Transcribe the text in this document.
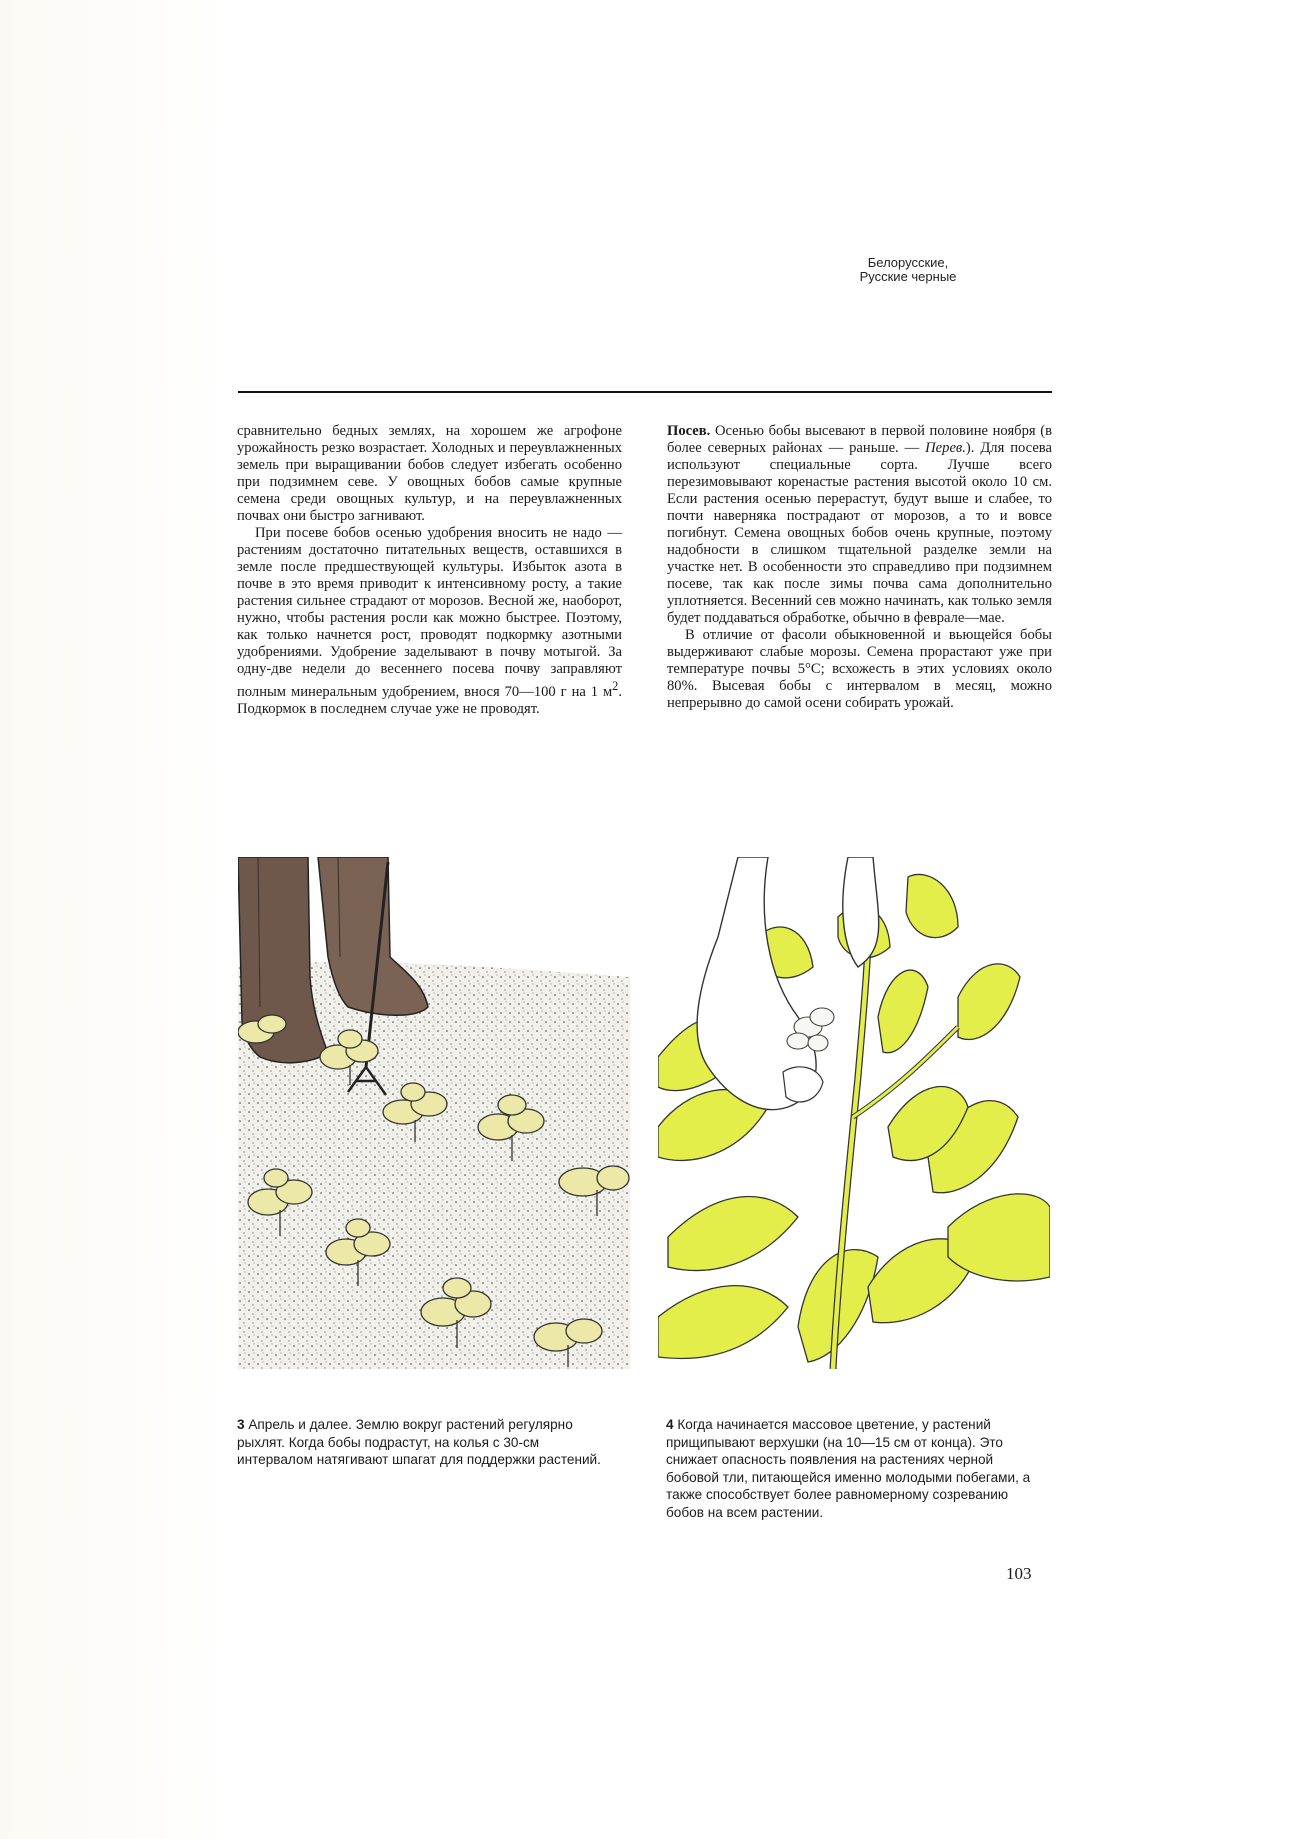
Белорусские,
Русские черные

сравнительно бедных землях, на хорошем же агрофоне урожайность резко возрастает. Холодных и переувлажненных земель при выращивании бобов следует избегать особенно при подзимнем севе. У овощных бобов самые крупные семена среди овощных культур, и на переувлажненных почвах они быстро загнивают.

При посеве бобов осенью удобрения вносить не надо — растениям достаточно питательных веществ, оставшихся в земле после предшествующей культуры. Избыток азота в почве в это время приводит к интенсивному росту, а такие растения сильнее страдают от морозов. Весной же, наоборот, нужно, чтобы растения росли как можно быстрее. Поэтому, как только начнется рост, проводят подкормку азотными удобрениями. Удобрение заделывают в почву мотыгой. За одну-две недели до весеннего посева почву заправляют полным минеральным удобрением, внося 70—100 г на 1 $м^2$. Подкормок в последнем случае уже не проводят.

Посев. Осенью бобы высевают в первой половине ноября (в более северных районах — раньше. — Перев.). Для посева используют специальные сорта. Лучше всего перезимовывают коренастые растения высотой около 10 см. Если растения осенью перерастут, будут выше и слабее, то почти наверняка пострадают от морозов, а то и вовсе погибнут. Семена овощных бобов очень крупные, поэтому надобности в слишком тщательной разделке земли на участке нет. В особенности это справедливо при подзимнем посеве, так как после зимы почва сама дополнительно уплотняется. Весенний сев можно начинать, как только земля будет поддаваться обработке, обычно в феврале—мае.

В отличие от фасоли обыкновенной и вьющейся бобы выдерживают слабые морозы. Семена прорастают уже при температуре почвы 5°С; всхожесть в этих условиях около 80%. Высевая бобы с интервалом в месяц, можно непрерывно до самой осени собирать урожай.

3 Апрель и далее. Землю вокруг растений регулярно рыхлят. Когда бобы подрастут, на колья с 30-см интервалом натягивают шпагат для поддержки растений.
4 Когда начинается массовое цветение, у растений прищипывают верхушки (на 10—15 см от конца). Это снижает опасность появления на растениях черной бобовой тли, питающейся именно молодыми побегами, а также способствует более равномерному созреванию бобов на всем растении.
103
